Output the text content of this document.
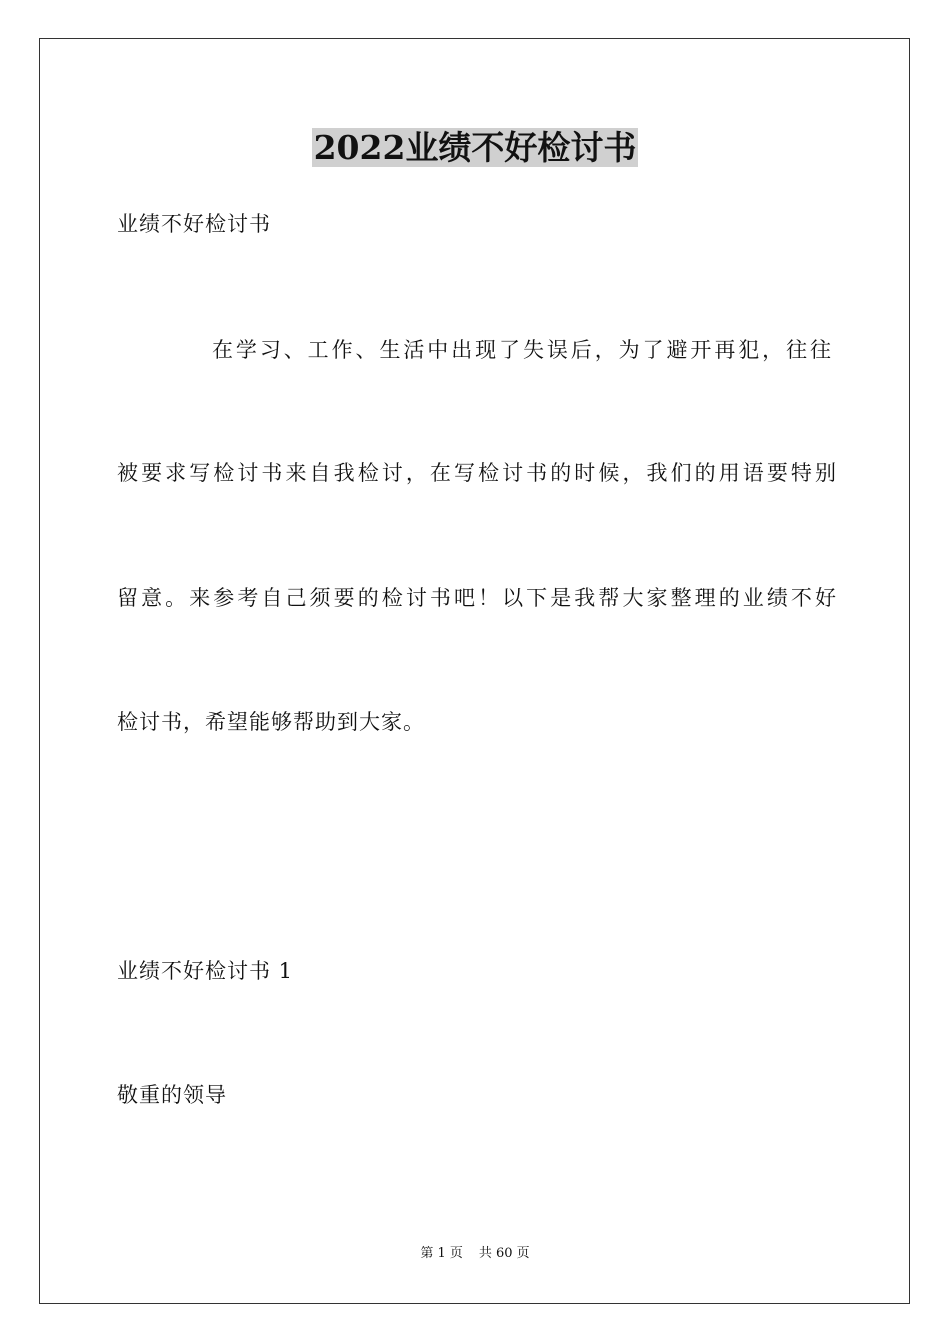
2022业绩不好检讨书
业绩不好检讨书
在学习、工作、生活中出现了失误后，为了避开再犯，往往
被要求写检讨书来自我检讨，在写检讨书的时候，我们的用语要特别
留意。来参考自己须要的检讨书吧！以下是我帮大家整理的业绩不好
检讨书，希望能够帮助到大家。
业绩不好检讨书 1
敬重的领导
第 1 页 共 60 页
